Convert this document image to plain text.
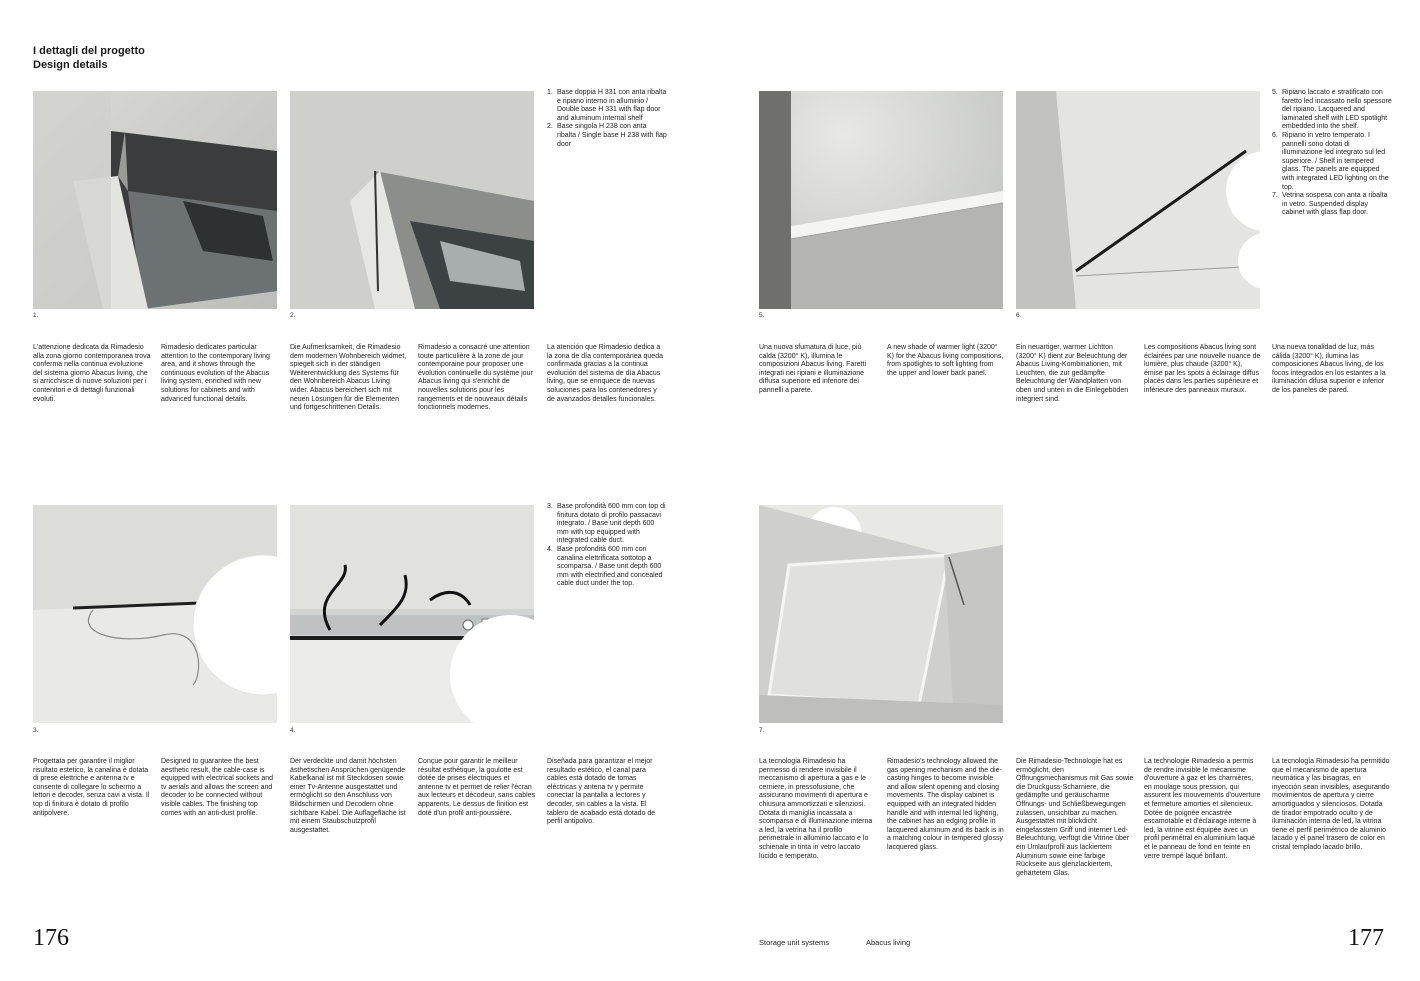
I dettagli del progetto
Design details
1.	2.
1. Base doppia H 331 con anta ribalta e ripiano interno in alluminio / Double base H 331 with flap door and aluminum internal shelf
2. Base singola H 238 con anta ribalta / Single base H 238 with flap door
L'attenzione dedicata da Rimadesio alla zona giorno contemporanea trova conferma nella continua evoluzione del sistema giorno Abacus living, che si arricchisce di nuove soluzioni per i contenitori e di dettagli funzionali evoluti.
Rimadesio dedicates particular attention to the contemporary living area, and it shows through the continuous evolution of the Abacus living system, enriched with new solutions for cabinets and with advanced functional details.
Die Aufmerksamkeit, die Rimadesio dem modernen Wohnbereich widmet, spiegelt sich in der ständigen Weiterentwicklung des Systems für den Wohnbereich Abacus Living wider. Abacus bereichert sich mit neuen Lösungen für die Elementen und fortgeschrittenen Details.
Rimadesio a consacré une attention toute particulière à la zone de jour contemporaine pour proposer une évolution continuelle du système jour Abacus living qui s'enrichit de nouvelles solutions pour les rangements et de nouveaux détails fonctionnels modernes.
La atención que Rimadesio dedica a la zona de día contemporánea queda confirmada gracias a la continua evolución del sistema de día Abacus living, que se enriquece de nuevas soluciones para los contenedores y de avanzados detalles funcionales.
3.	4.
3. Base profondità 600 mm con top di finitura dotato di profilo passacavi integrato. / Base unit depth 600 mm with top equipped with integrated cable duct.
4. Base profondità 600 mm con canalina elettrificata sottotop a scomparsa. / Base unit depth 600 mm with electrified and concealed cable duct under the top.
Progettata per garantire il miglior risultato estetico, la canalina è dotata di prese elettriche e antenna tv e consente di collegare lo schermo a lettori e decoder, senza cavi a vista. Il top di finitura è dotato di profilo antipolvere.
Designed to guarantee the best aesthetic result, the cable-case is equipped with electrical sockets and tv aerials and allows the screen and decoder to be connected without visible cables. The finishing top comes with an anti-dust profile.
Der verdeckte und damit höchsten ästhetischen Ansprüchen genügende Kabelkanal ist mit Steckdosen sowie einer Tv-Antenne ausgestattet und ermöglicht so den Anschluss von Bildschirmen und Decodern ohne sichtbare Kabel. Die Auflagefläche ist mit einem Staubschutzprofil ausgestattet.
Conçue pour garantir le meilleur résultat esthétique, la goulotte est dotée de prises électriques et antenne tv et permet de relier l'écran aux lecteurs et décodeur, sans cables apparents. Le dessus de finition est doté d'un profil anti-poussière.
Diseñada para garantizar el mejor resultado estético, el canal para cables está dotado de tomas eléctricas y antena tv y permite conectar la pantalla a lectores y decoder, sin cables a la vista. El tablero de acabado está dotado de perfil antipolvo.
5.	6.
5. Ripiano laccato e stratificato con faretto led incassato nello spessore del ripiano. Lacquered and laminated shelf with LED spotlight embedded into the shelf.
6. Ripiano in vetro temperato. I pannelli sono dotati di illuminazione led integrato sul led superiore. / Shelf in tempered glass. The panels are equipped with integrated LED lighting on the top.
7. Vetrina sospesa con anta a ribalta in vetro. Suspended display cabinet with glass flap door.
Una nuova sfumatura di luce, più calda (3200° K), illumina le composizioni Abacus living. Faretti integrati nei ripiani e illuminazione diffusa superiore ed inferiore dei pannelli a parete.
A new shade of warmer light (3200° K) for the Abacus living compositions, from spotlights to soft lighting from the upper and lower back panel.
Ein neuartiger, warmer Lichtton (3200° K) dient zur Beleuchtung der Abacus Living-Kombinationen, mit Leuchten, die zur gedämpfte Beleuchtung der Wandplatten von oben und unten in die Einlegeböden integriert sind.
Les compositions Abacus living sont éclairées par une nouvelle nuance de lumière, plus chaude (3200° K), émise par les spots à éclairage diffus placés dans les parties supérieure et inférieure des panneaux muraux.
Una nueva tonalidad de luz, más cálida (3200° K), ilumina las composiciones Abacus living, de los focos integrados en los estantes a la iluminación difusa superior e inferior de los paneles de pared.
7.
La tecnologia Rimadesio ha permesso di rendere invisibile il meccanismo di apertura a gas e le cerniere, in pressofusione, che assicurano movimenti di apertura e chiusura ammortizzati e silenziosi. Dotata di maniglia incassata a scomparsa e di illuminazione interna a led, la vetrina ha il profilo perimetrale in alluminio laccato e lo schienale in tinta in vetro laccato lucido e temperato.
Rimadesio's technology allowed the gas opening mechanism and the die-casting hinges to become invisible and allow silent opening and closing movements. The display cabinet is equipped with an integrated hidden handle and with internal led lighting, the cabinet has an edging profile in lacquered aluminum and its back is in a matching colour in tempered glossy lacquered glass.
Die Rimadesio-Technologie hat es ermöglicht, den Öffnungsmechanismus mit Gas sowie die Druckguss-Scharniere, die gedämpfte und geräuscharme Öffnungs- und Schließbewegungen zulassen, unsichtbar zu machen. Ausgestattet mit blickdicht eingefasstem Griff und interner Led-Beleuchtung, verfügt die Vitrine über ein Umlaufprofil aus lackiertem Aluminum sowie eine farbige Rückseite aus glenzlackiertem, gehärtetem Glas.
La technologie Rimadesio a permis de rendre invisible le mécanisme d'ouverture à gaz et les charnières, en moulage sous pression, qui assurent les mouvements d'ouverture et fermeture amorties et silencieux. Dotée de poignée encastrée escamotable et d'éclairage interne à led, la vitrine est équipée avec un profil perimétral en aluminium laqué et le panneau de fond en teinte en verre trempé laqué brillant.
La tecnología Rimadesio ha permitido que el mecanismo de apertura neumática y las bisagras, en inyección sean invisibles, asegurando movimientos de apertura y cierre amortiguados y silenciosos. Dotada de tirador empotrado oculto y de iluminación interna de led, la vitrina tiene el perfil perimétrico de aluminio lacado y el panel trasero de color en cristal templado lacado brillo.
176	177
Storage unit systems	Abacus living
